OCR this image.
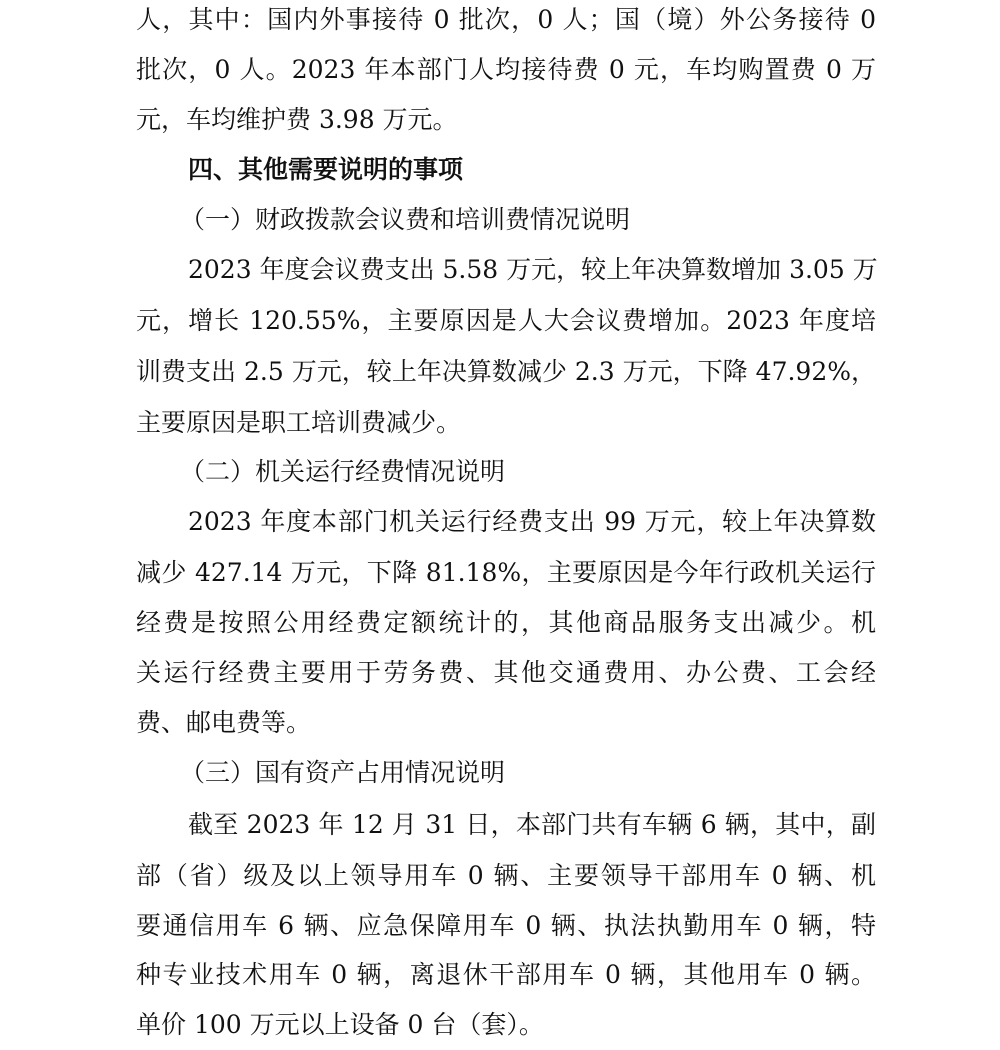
人，其中：国内外事接待 0 批次，0 人；国（境）外公务接待 0
批次，0 人。2023 年本部门人均接待费 0 元，车均购置费 0 万
元，车均维护费 3.98 万元。
四、其他需要说明的事项
（一）财政拨款会议费和培训费情况说明
2023 年度会议费支出 5.58 万元，较上年决算数增加 3.05 万
元，增长 120.55%，主要原因是人大会议费增加。2023 年度培
训费支出 2.5 万元，较上年决算数减少 2.3 万元，下降 47.92%，
主要原因是职工培训费减少。
（二）机关运行经费情况说明
2023 年度本部门机关运行经费支出 99 万元，较上年决算数
减少 427.14 万元，下降 81.18%，主要原因是今年行政机关运行
经费是按照公用经费定额统计的，其他商品服务支出减少。机
关运行经费主要用于劳务费、其他交通费用、办公费、工会经
费、邮电费等。
（三）国有资产占用情况说明
截至 2023 年 12 月 31 日，本部门共有车辆 6 辆，其中，副
部（省）级及以上领导用车 0 辆、主要领导干部用车 0 辆、机
要通信用车 6 辆、应急保障用车 0 辆、执法执勤用车 0 辆，特
种专业技术用车 0 辆，离退休干部用车 0 辆，其他用车 0 辆。
单价 100 万元以上设备 0 台（套）。
